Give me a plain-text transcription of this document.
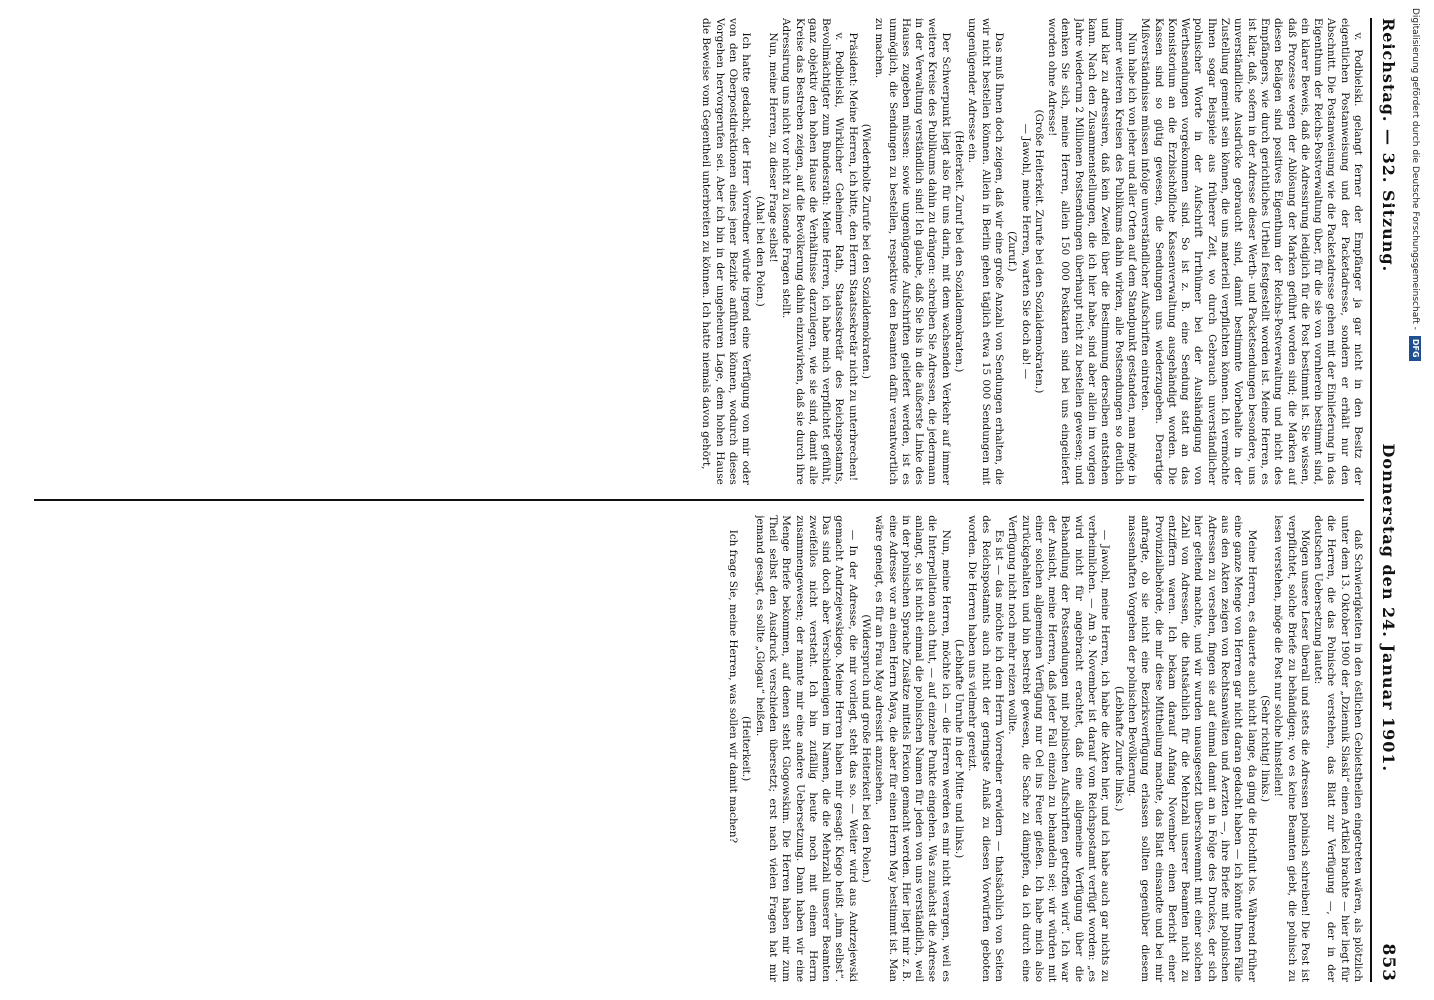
Reichstag. — 32. Sitzung.
Donnerstag den 24. Januar 1901.
853

v. Podbielski. gelangt ferner der Empfänger ja gar nicht in den Besitz der eigentlichen Postanweisung und der Packetadresse, sondern er erhält nur den Abschnitt. Die Postanweisung wie die Packetadresse gehen mit der Einlieferung in das Eigenthum der Reichs-Postverwaltung über, für die sie von vornherein bestimmt sind, ein klarer Beweis, daß die Adressirung lediglich für die Post bestimmt ist. Sie wissen, daß Prozesse wegen der Ablösung der Marken geführt worden sind; die Marken auf diesen Belägen sind positives Eigenthum der Reichs-Postverwaltung und nicht des Empfängers, wie durch gerichtliches Urtheil festgestellt worden ist. Meine Herren, es ist klar, daß, sofern in der Adresse dieser Werth- und Packetsendungen besondere, uns unverständliche Ausdrücke gebraucht sind, damit bestimmte Vorbehalte in der Zustellung gemeint sein können, die uns materiell verpflichten können. Ich vermöchte Ihnen sogar Beispiele aus früherer Zeit, wo durch Gebrauch unverständlicher polnischer Worte in der Aufschrift Irrthümer bei der Aushändigung von Werthsendungen vorgekommen sind. So ist z. B. eine Sendung statt an das Konsistorium an die Erzbischöfliche Kassenverwaltung ausgehändigt worden. Die Kassen sind so gütig gewesen, die Sendungen uns wiederzugeben. Derartige Mißverständnisse müssen infolge unverständlicher Aufschriften eintreten.

Nun habe ich von jeher und aller Orten auf dem Standpunkt gestanden, man möge in immer weiteren Kreisen des Publikums dahin wirken, alle Postsendungen so deutlich und klar zu adressiren, daß kein Zweifel über die Bestimmung derselben entstehen kann. Nach den Zusammenstellungen, die ich hier habe, sind aber allein im vorigen Jahre wiederum 2 Millionen Postsendungen überhaupt nicht zu bestellen gewesen; und denken Sie sich, meine Herren, allein 150 000 Postkarten sind bei uns eingeliefert worden ohne Adresse!

(Große Heiterkeit. Zurufe bei den Sozialdemokraten.)

— Jawohl, meine Herren, warten Sie doch ab! —

(Zuruf.)

Das muß Ihnen doch zeigen, daß wir eine große Anzahl von Sendungen erhalten, die wir nicht bestellen können. Allein in Berlin gehen täglich etwa 15 000 Sendungen mit ungenügender Adresse ein.

(Heiterkeit. Zuruf bei den Sozialdemokraten.)

Der Schwerpunkt liegt also für uns darin, mit dem wachsenden Verkehr auf immer weitere Kreise des Publikums dahin zu drängen: schreiben Sie Adressen, die jedermann in der Verwaltung verständlich sind! Ich glaube, daß Sie bis in die äußerste Linke des Hauses zugeben müssen: sowie ungenügende Aufschriften geliefert werden, ist es unmöglich, die Sendungen zu bestellen, respektive den Beamten dafür verantwortlich zu machen.

(Wiederholte Zurufe bei den Sozialdemokraten.)

Präsident: Meine Herren, ich bitte, den Herrn Staatssekretär nicht zu unterbrechen!

v. Podbielski, Wirklicher Geheimer Rath, Staatssekretär des Reichspostamts, Bevollmächtigter zum Bundesrath: Meine Herren, ich habe mich verpflichtet gefühlt, ganz objektiv den hohen Hause die Verhältnisse darzulegen, wie sie sind, damit alle Kreise das Bestreben zeigen, auf die Bevölkerung dahin einzuwirken, daß sie durch ihre Adressirung uns nicht vor nicht zu lösende Fragen stellt.

Nun, meine Herren, zu dieser Frage selbst!

(Aha! bei den Polen.)

Ich hatte gedacht, der Herr Vorredner würde irgend eine Verfügung von mir oder von den Oberpostdirektionen eines jener Bezirke anführen können, wodurch dieses Vorgehen hervorgerufen sei. Aber ich bin in der ungeheuren Lage, dem hohen Hause die Beweise vom Gegentheil unterbreiten zu können. Ich hatte niemals davon gehört,

daß Schwierigkeiten in den östlichen Gebietstheilen eingetreten wären, als plötzlich unter dem 13. Oktober 1900 der „Dziennik Slaski“ einen Artikel brachte — hier liegt für die Herren, die das Polnische verstehen, das Blatt zur Verfügung —, der in der deutschen Uebersetzung lautet:

Mögen unsere Leser überall und stets die Adressen polnisch schreiben! Die Post ist verpflichtet, solche Briefe zu behändigen; wo es keine Beamten giebt, die polnisch zu lesen verstehen, möge die Post nur solche hinstellen!

(Sehr richtig! links.)

Meine Herren, es dauerte auch nicht lange, da ging die Hochflut los. Während früher eine ganze Menge von Herren gar nicht daran gedacht haben — ich könnte Ihnen Fälle aus den Akten zeigen von Rechtsanwälten und Aerzten —, ihre Briefe mit polnischen Adressen zu versehen, fingen sie auf einmal damit an in Folge des Druckes, der sich hier geltend machte, und wir wurden unausgesetzt überschwemmt mit einer solchen Zahl von Adressen, die thatsächlich für die Mehrzahl unserer Beamten nicht zu entziffern waren. Ich bekam darauf Anfang November einen Bericht einer Provinzialbehörde, die mir diese Mittheilung machte, das Blatt einsandte und bei mir anfragte, ob sie nicht eine Bezirksverfügung erlassen sollten gegenüber diesem massenhaften Vorgehen der polnischen Bevölkerung.

(Lebhafte Zurufe links.)

— Jawohl, meine Herren, ich habe die Akten hier, und ich habe auch gar nichts zu verheimlichen. — Am 9. November ist darauf vom Reichspostamt verfügt worden: „es wird nicht für angebracht erachtet, daß eine allgemeine Verfügung über die Behandlung der Postsendungen mit polnischen Aufschriften getroffen wird“. Ich war der Ansicht, meine Herren, daß jeder Fall einzeln zu behandeln sei; wir würden mit einer solchen allgemeinen Verfügung nur Oel ins Feuer gießen. Ich habe mich also zurückgehalten und bin bestrebt gewesen, die Sache zu dämpfen, da ich durch eine Verfügung nicht noch mehr reizen wollte.

Es ist — das möchte ich dem Herrn Vorredner erwidern — thatsächlich von Seiten des Reichspostamts auch nicht der geringste Anlaß zu diesen Vorwürfen geboten worden. Die Herren haben uns vielmehr gereizt.

(Lebhafte Unruhe in der Mitte und links.)

Nun, meine Herren, möchte ich — die Herren werden es mir nicht verargen, weil es die Interpellation auch thut, — auf einzelne Punkte eingehen. Was zunächst die Adresse anlangt, so ist nicht einmal die polnischen Namen für jeden von uns verständlich, weil in der polnischen Sprache Zusätze mittels Flexion gemacht werden. Hier liegt mir z. B. eine Adresse vor an einen Herrn Maya, die aber für einen Herrn May bestimmt ist. Man wäre geneigt, es für an Frau May adressirt anzusehen.

(Widerspruch und große Heiterkeit bei den Polen.)

— In der Adresse, die mir vorliegt, steht das so. — Weiter wird aus Andrzejewski gemacht Andrzejewskiego. Meine Herren haben mir gesagt: Kiego heißt „ihm selbst“. Das sind doch aber Verschiedenigen im Namen, die die Mehrzahl unserer Beamten zweifellos nicht versteht. Ich bin zufällig heute noch mit einem Herrn zusammengewesen; der nannte mir eine andere Uebersetzung. Dann haben wir eine Menge Briefe bekommen, auf denen steht Glogowskim. Die Herren haben mir zum Theil selbst den Ausdruck verschieden übersetzt; erst nach vielen Fragen hat mir jemand gesagt, es sollte „Glogau“ heißen.

(Heiterkeit.)

Ich frage Sie, meine Herren, was sollen wir damit machen?

Digitalisierung gefördert durch die Deutsche Forschungsgemeinschaft -
DFG
